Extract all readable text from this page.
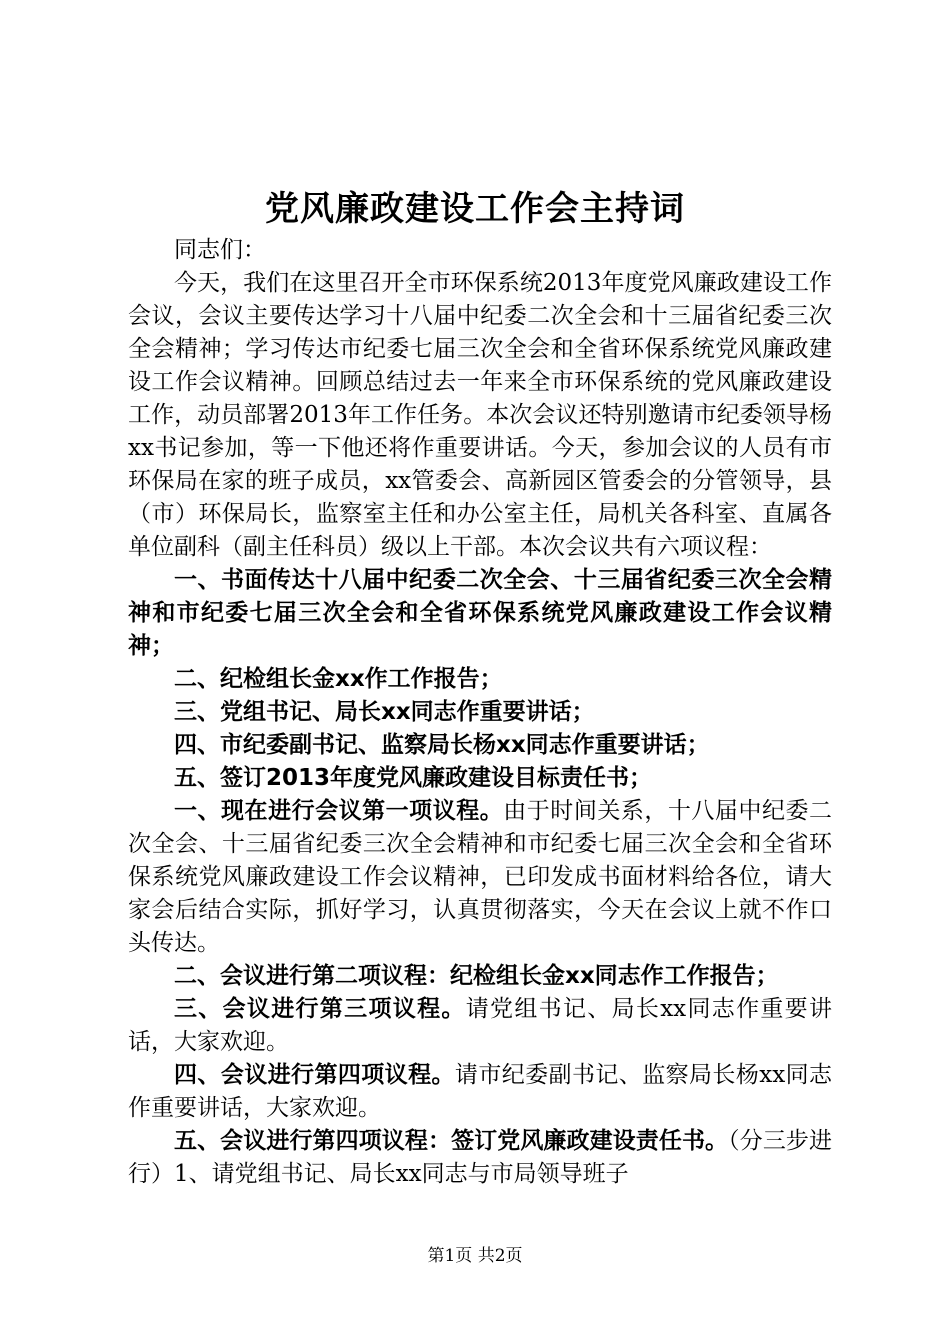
党风廉政建设工作会主持词

同志们：

今天，我们在这里召开全市环保系统2013年度党风廉政建设工作会议，会议主要传达学习十八届中纪委二次全会和十三届省纪委三次全会精神；学习传达市纪委七届三次全会和全省环保系统党风廉政建设工作会议精神。回顾总结过去一年来全市环保系统的党风廉政建设工作，动员部署2013年工作任务。本次会议还特别邀请市纪委领导杨xx书记参加，等一下他还将作重要讲话。今天，参加会议的人员有市环保局在家的班子成员，xx管委会、高新园区管委会的分管领导，县（市）环保局长，监察室主任和办公室主任，局机关各科室、直属各单位副科（副主任科员）级以上干部。本次会议共有六项议程：

一、书面传达十八届中纪委二次全会、十三届省纪委三次全会精神和市纪委七届三次全会和全省环保系统党风廉政建设工作会议精神；

二、纪检组长金xx作工作报告；

三、党组书记、局长xx同志作重要讲话；

四、市纪委副书记、监察局长杨xx同志作重要讲话；

五、签订2013年度党风廉政建设目标责任书；

一、现在进行会议第一项议程。由于时间关系，十八届中纪委二次全会、十三届省纪委三次全会精神和市纪委七届三次全会和全省环保系统党风廉政建设工作会议精神，已印发成书面材料给各位，请大家会后结合实际，抓好学习，认真贯彻落实，今天在会议上就不作口头传达。

二、会议进行第二项议程：纪检组长金xx同志作工作报告；

三、会议进行第三项议程。请党组书记、局长xx同志作重要讲话，大家欢迎。

四、会议进行第四项议程。请市纪委副书记、监察局长杨xx同志作重要讲话，大家欢迎。

五、会议进行第四项议程：签订党风廉政建设责任书。（分三步进行）1、请党组书记、局长xx同志与市局领导班子

第1页 共2页
